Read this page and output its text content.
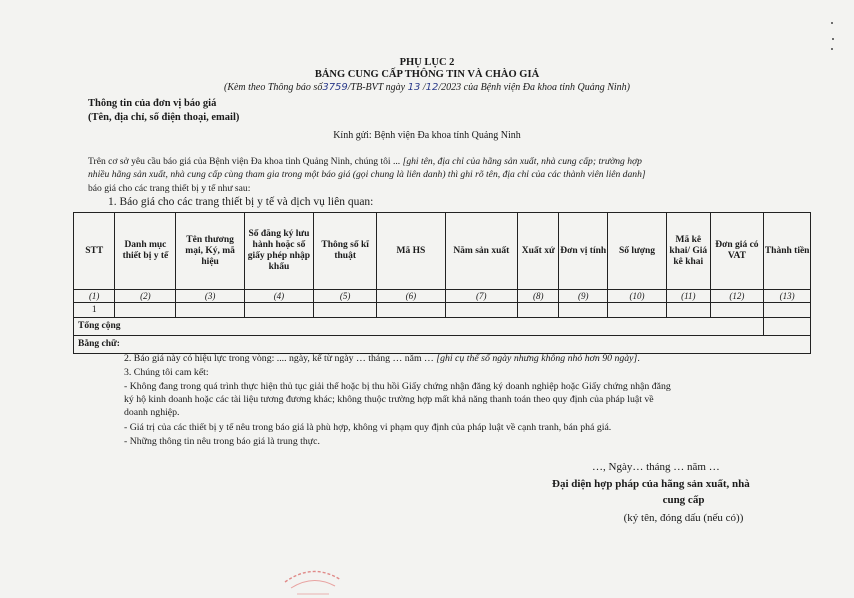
PHỤ LỤC 2
BẢNG CUNG CẤP THÔNG TIN VÀ CHÀO GIÁ
(Kèm theo Thông báo số3759/TB-BVT ngày 13 /12/2023 của Bệnh viện Đa khoa tỉnh Quảng Ninh)
Thông tin của đơn vị báo giá
(Tên, địa chỉ, số điện thoại, email)
Kính gửi: Bệnh viện Đa khoa tỉnh Quảng Ninh
Trên cơ sở yêu cầu báo giá của Bệnh viện Đa khoa tỉnh Quảng Ninh, chúng tôi ... [ghi tên, địa chỉ của hãng sản xuất, nhà cung cấp; trường hợp
nhiều hãng sản xuất, nhà cung cấp cùng tham gia trong một báo giá (gọi chung là liên danh) thì ghi rõ tên, địa chỉ của các thành viên liên danh]
báo giá cho các trang thiết bị y tế như sau:
1. Báo giá cho các trang thiết bị y tế và dịch vụ liên quan:
STT	Danh mục thiết bị y tế	Tên thương mại, Ký, mã hiệu	Số đăng ký lưu hành hoặc số giấy phép nhập khẩu	Thông số kĩ thuật	Mã HS	Năm sản xuất	Xuất xứ	Đơn vị tính	Số lượng	Mã kê khai/ Giá kê khai	Đơn giá có VAT	Thành tiền
(1)	(2)	(3)	(4)	(5)	(6)	(7)	(8)	(9)	(10)	(11)	(12)	(13)
1												
Tổng cộng												
Bằng chữ:												
2. Báo giá này có hiệu lực trong vòng: .... ngày, kể từ ngày … tháng … năm … [ghi cụ thể số ngày nhưng không nhỏ hơn 90 ngày].
3. Chúng tôi cam kết:
- Không đang trong quá trình thực hiện thủ tục giải thể hoặc bị thu hồi Giấy chứng nhận đăng ký doanh nghiệp hoặc Giấy chứng nhận đăng
ký hộ kinh doanh hoặc các tài liệu tương đương khác; không thuộc trường hợp mất khả năng thanh toán theo quy định của pháp luật về
doanh nghiệp.
- Giá trị của các thiết bị y tế nêu trong báo giá là phù hợp, không vi phạm quy định của pháp luật về cạnh tranh, bán phá giá.
- Những thông tin nêu trong báo giá là trung thực.
…, Ngày… tháng … năm …
Đại diện hợp pháp của hãng sản xuất, nhà
cung cấp
(ký tên, đóng dấu (nếu có))
